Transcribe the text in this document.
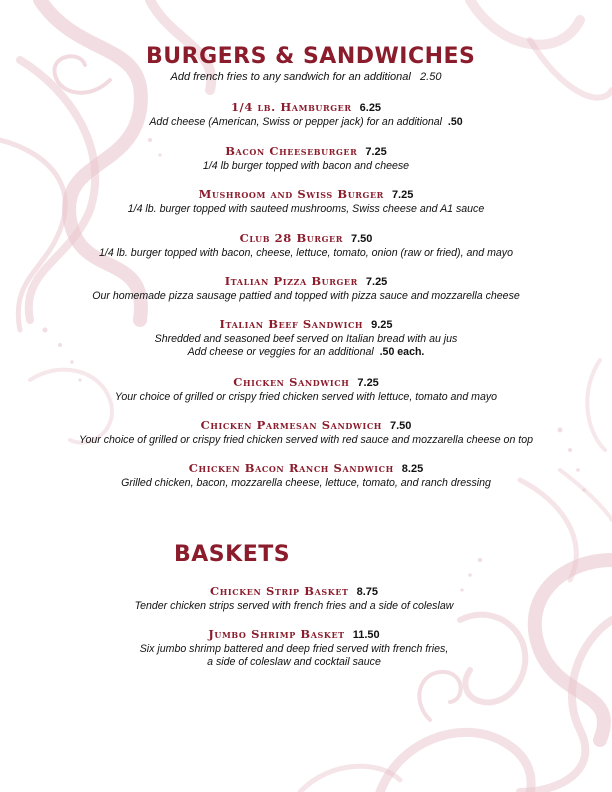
BURGERS & SANDWICHES
Add french fries to any sandwich for an additional 2.50
1/4 lb. Hamburger 6.25
Add cheese (American, Swiss or pepper jack) for an additional .50
Bacon Cheeseburger 7.25
1/4 lb burger topped with bacon and cheese
Mushroom and Swiss Burger 7.25
1/4 lb. burger topped with sauteed mushrooms, Swiss cheese and A1 sauce
Club 28 Burger 7.50
1/4 lb. burger topped with bacon, cheese, lettuce, tomato, onion (raw or fried), and mayo
Italian Pizza Burger 7.25
Our homemade pizza sausage pattied and topped with pizza sauce and mozzarella cheese
Italian Beef Sandwich 9.25
Shredded and seasoned beef served on Italian bread with au jus
Add cheese or veggies for an additional .50 each.
Chicken Sandwich 7.25
Your choice of grilled or crispy fried chicken served with lettuce, tomato and mayo
Chicken Parmesan Sandwich 7.50
Your choice of grilled or crispy fried chicken served with red sauce and mozzarella cheese on top
Chicken Bacon Ranch Sandwich 8.25
Grilled chicken, bacon, mozzarella cheese, lettuce, tomato, and ranch dressing
BASKETS
Chicken Strip Basket 8.75
Tender chicken strips served with french fries and a side of coleslaw
Jumbo Shrimp Basket 11.50
Six jumbo shrimp battered and deep fried served with french fries,
a side of coleslaw and cocktail sauce
